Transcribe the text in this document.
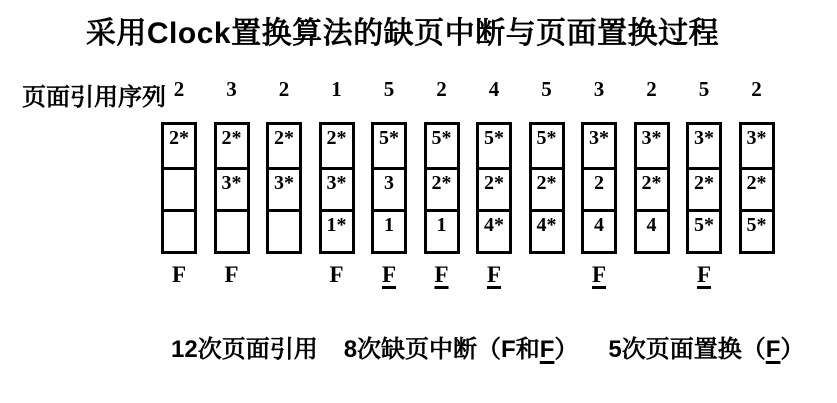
采用Clock置换算法的缺页中断与页面置换过程
页面引用序列 2
2*
F
3
2*
3*
F
2
2*
3*
1
2*
3*
1*
F
5
5*
3
1
F
2
5*
2*
1
F
4
5*
2*
4*
F
5
5*
2*
4*
3
3*
2
4
F
2
3*
2*
4
5
3*
2*
5*
F
2
3*
2*
5*
12次页面引用 8次缺页中断（F和F） 5次页面置换（F）
